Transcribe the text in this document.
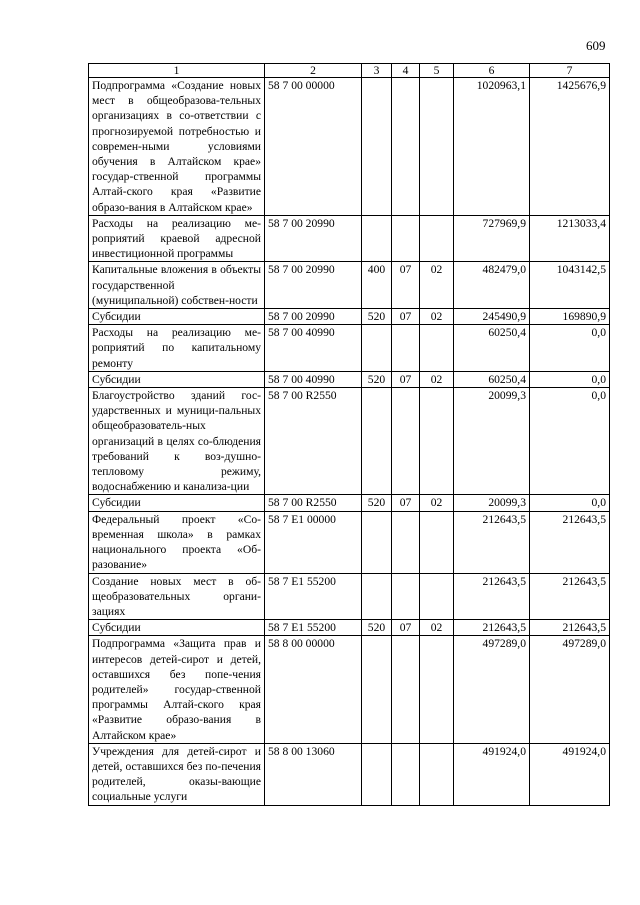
609
1	2	3	4	5	6	7
Подпрограмма «Создание новых мест в общеобразова-тельных организациях в со-ответствии с прогнозируемой потребностью и современ-ными условиями обучения в Алтайском крае» государ-ственной программы Алтай-ского края «Развитие образо-вания в Алтайском крае»	58 7 00 00000				1020963,1	1425676,9
Расходы на реализацию ме-роприятий краевой адресной инвестиционной программы	58 7 00 20990				727969,9	1213033,4
Капитальные вложения в объекты государственной (муниципальной) собствен-ности	58 7 00 20990	400	07	02	482479,0	1043142,5
Субсидии	58 7 00 20990	520	07	02	245490,9	169890,9
Расходы на реализацию ме-роприятий по капитальному ремонту	58 7 00 40990				60250,4	0,0
Субсидии	58 7 00 40990	520	07	02	60250,4	0,0
Благоустройство зданий гос-ударственных и муници-пальных общеобразователь-ных организаций в целях со-блюдения требований к воз-душно-тепловому режиму, водоснабжению и канализа-ции	58 7 00 R2550				20099,3	0,0
Субсидии	58 7 00 R2550	520	07	02	20099,3	0,0
Федеральный проект «Со-временная школа» в рамках национального проекта «Об-разование»	58 7 E1 00000				212643,5	212643,5
Создание новых мест в об-щеобразовательных органи-зациях	58 7 E1 55200				212643,5	212643,5
Субсидии	58 7 E1 55200	520	07	02	212643,5	212643,5
Подпрограмма «Защита прав и интересов детей-сирот и детей, оставшихся без попе-чения родителей» государ-ственной программы Алтай-ского края «Развитие образо-вания в Алтайском крае»	58 8 00 00000				497289,0	497289,0
Учреждения для детей-сирот и детей, оставшихся без по-печения родителей, оказы-вающие социальные услуги	58 8 00 13060				491924,0	491924,0
